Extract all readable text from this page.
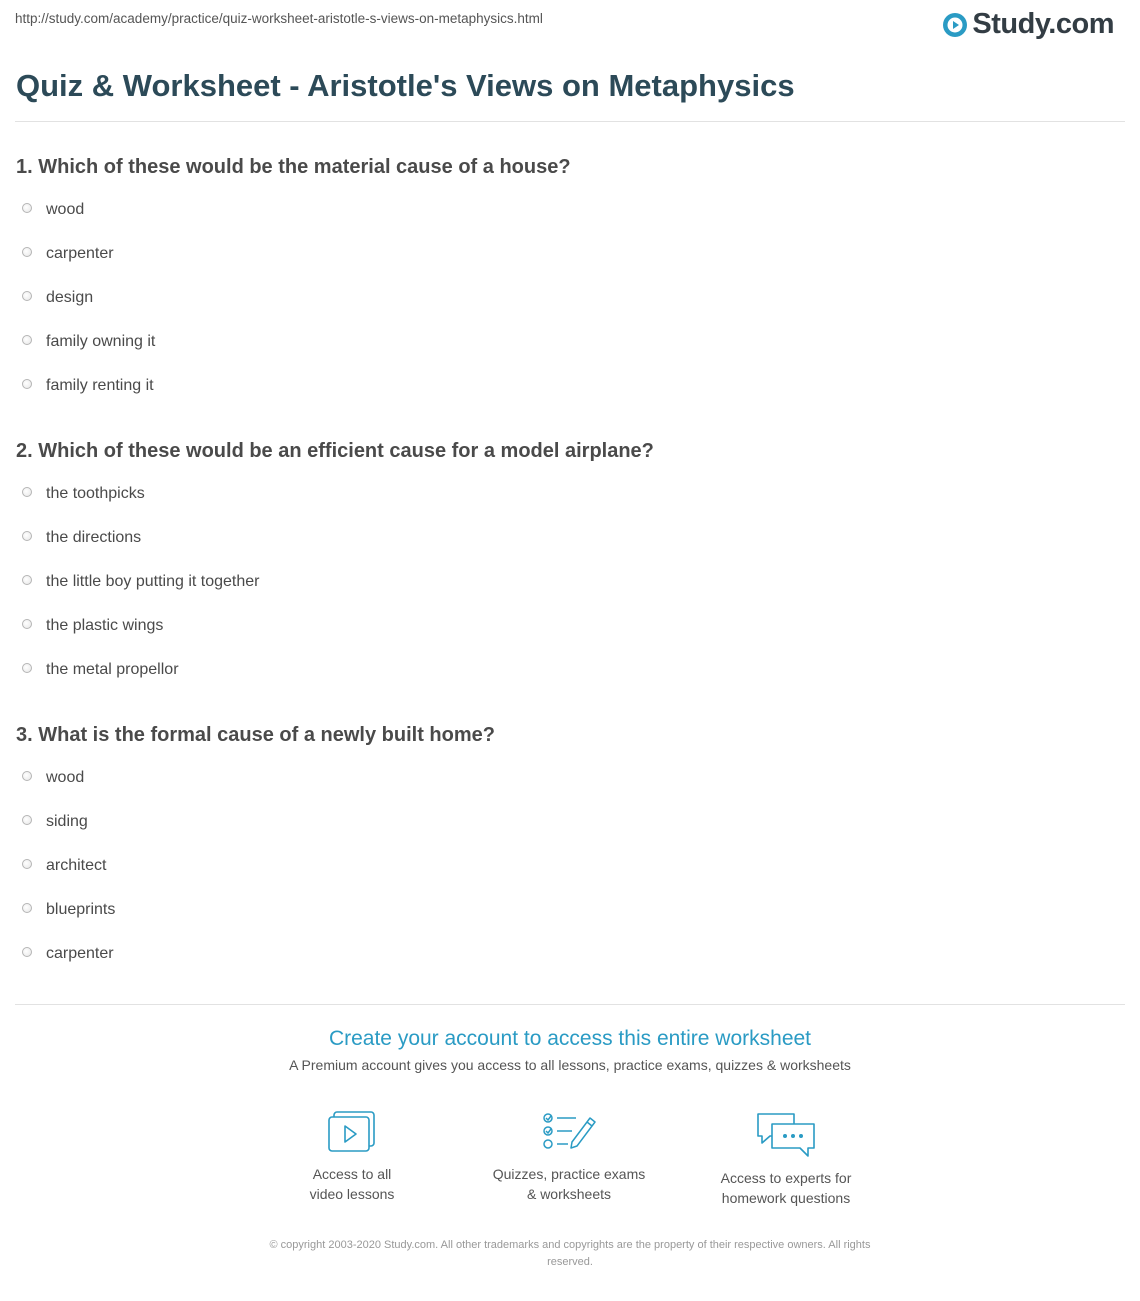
http://study.com/academy/practice/quiz-worksheet-aristotle-s-views-on-metaphysics.html	Study.com
Quiz & Worksheet - Aristotle's Views on Metaphysics
1. Which of these would be the material cause of a house?
wood
carpenter
design
family owning it
family renting it
2. Which of these would be an efficient cause for a model airplane?
the toothpicks
the directions
the little boy putting it together
the plastic wings
the metal propellor
3. What is the formal cause of a newly built home?
wood
siding
architect
blueprints
carpenter
Create your account to access this entire worksheet
A Premium account gives you access to all lessons, practice exams, quizzes & worksheets
Access to all
video lessons
Quizzes, practice exams
& worksheets
Access to experts for
homework questions
© copyright 2003-2020 Study.com. All other trademarks and copyrights are the property of their respective owners. All rights
reserved.
